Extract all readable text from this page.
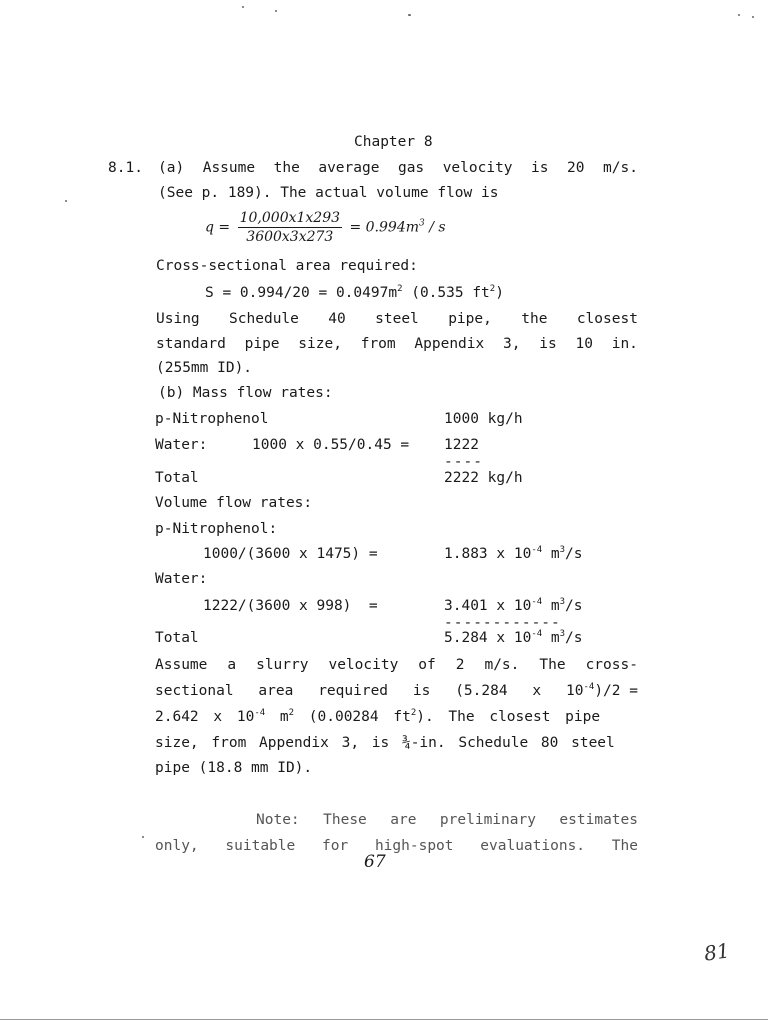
Chapter 8
8.1. (a) Assume the average gas velocity is 20 m/s.
(See p. 189). The actual volume flow is
$q = \frac{10,000x1x293}{3600x3x273} = 0.994m^3 / s$
Cross-sectional area required:
$S = 0.994/20 = 0.0497m^2$ (0.535 $ft^2$)
Using Schedule 40 steel pipe, the closest
standard pipe size, from Appendix 3, is 10 in.
(255mm ID).
(b) Mass flow rates:
p-Nitrophenol	1000 kg/h
Water:	1000 x 0.55/0.45 = 1222
----
Total	2222 kg/h
Volume flow rates:
p-Nitrophenol:
1000/(3600 x 1475) =	1.883 x $10^{-4}$ $m^3/s$
Water:
1222/(3600 x 998)  =	3.401 x $10^{-4}$ $m^3/s$
------------
Total	5.284 x $10^{-4}$ $m^3/s$
Assume a slurry velocity of 2 m/s. The cross-
sectional area required is (5.284 x $10^{-4})/2$ =
2.642 x $10^{-4}$ $m^2$ (0.00284 $ft^2$). The closest pipe
size, from Appendix 3, is ¾-in. Schedule 80 steel
pipe (18.8 mm ID).
Note: These are preliminary estimates
only, suitable for high-spot evaluations. The
67
81
